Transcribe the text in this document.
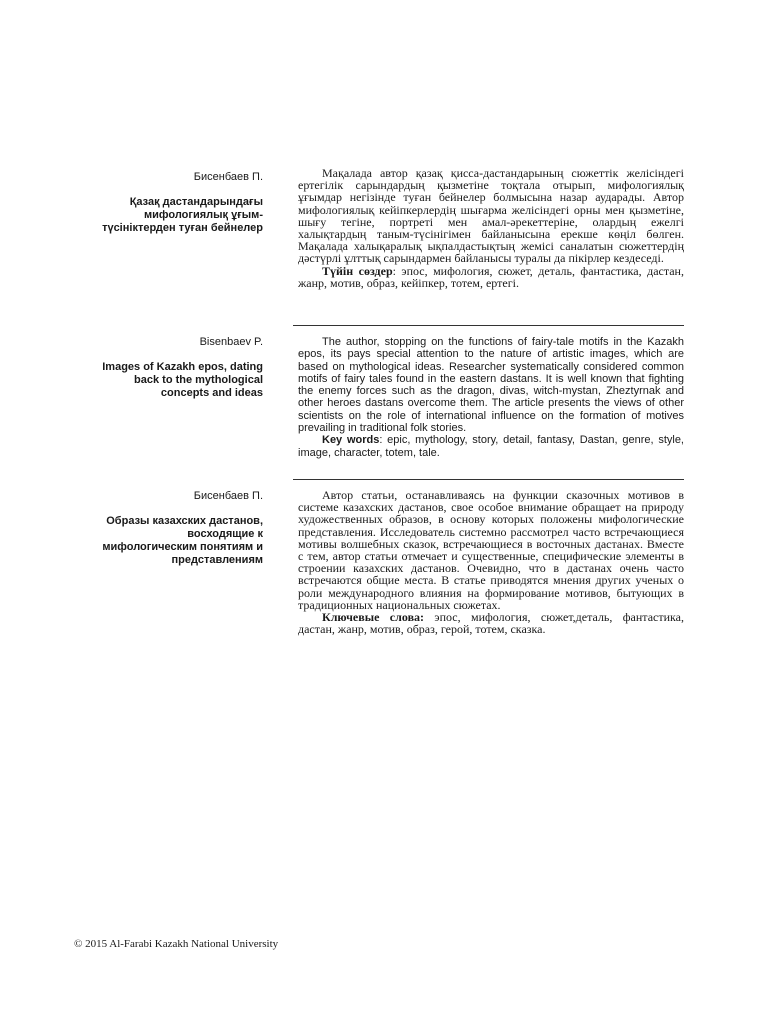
Бисенбаев П.
Қазақ дастандарындағы мифологиялық ұғым-түсініктерден туған бейнелер

Мақалада автор қазақ қисса-дастандарының сюжеттік желісіндегі ертегілік сарындардың қызметіне тоқтала отырып, мифологиялық ұғымдар негізінде туған бейнелер болмысына назар аударады. Автор мифологиялық кейіпкерлердің шығарма желісіндегі орны мен қызметіне, шығу тегіне, портреті мен амал-әрекеттеріне, олардың ежелгі халықтардың таным-түсінігімен байланысына ерекше көңіл бөлген. Мақалада халықаралық ықпалдастықтың жемісі саналатын сюжеттердің дәстүрлі ұлттық сарындармен байланысы туралы да пікірлер кездеседі.

Түйін сөздер: эпос, мифология, сюжет, деталь, фантастика, дастан, жанр, мотив, образ, кейіпкер, тотем, ертегі.

Bisenbaev P.
Images of Kazakh epos, dating back to the mythological concepts and ideas

The author, stopping on the functions of fairy-tale motifs in the Kazakh epos, its pays special attention to the nature of artistic images, which are based on mythological ideas. Researcher systematically considered common motifs of fairy tales found in the eastern dastans. It is well known that fighting the enemy forces such as the dragon, divas, witch-mystan, Zheztyrnak and other heroes dastans overcome them. The article presents the views of other scientists on the role of international influence on the formation of motives prevailing in traditional folk stories.

Key words: epic, mythology, story, detail, fantasy, Dastan, genre, style, image, character, totem, tale.

Бисенбаев П.
Образы казахских дастанов, восходящие к мифологическим понятиям и представлениям

Автор статьи, останавливаясь на функции сказочных мотивов в системе казахских дастанов, свое особое внимание обращает на природу художественных образов, в основу которых положены мифологические представления. Исследователь системно рассмотрел часто встречающиеся мотивы волшебных сказок, встречающиеся в восточных дастанах. Вместе с тем, автор статьи отмечает и существенные, специфические элементы в строении казахских дастанов. Очевидно, что в дастанах очень часто встречаются общие места. В статье приводятся мнения других ученых о роли международного влияния на формирование мотивов, бытующих в традиционных национальных сюжетах.

Ключевые слова: эпос, мифология, сюжет,деталь, фантастика, дастан, жанр, мотив, образ, герой, тотем, сказка.

© 2015 Al-Farabi Kazakh National University
